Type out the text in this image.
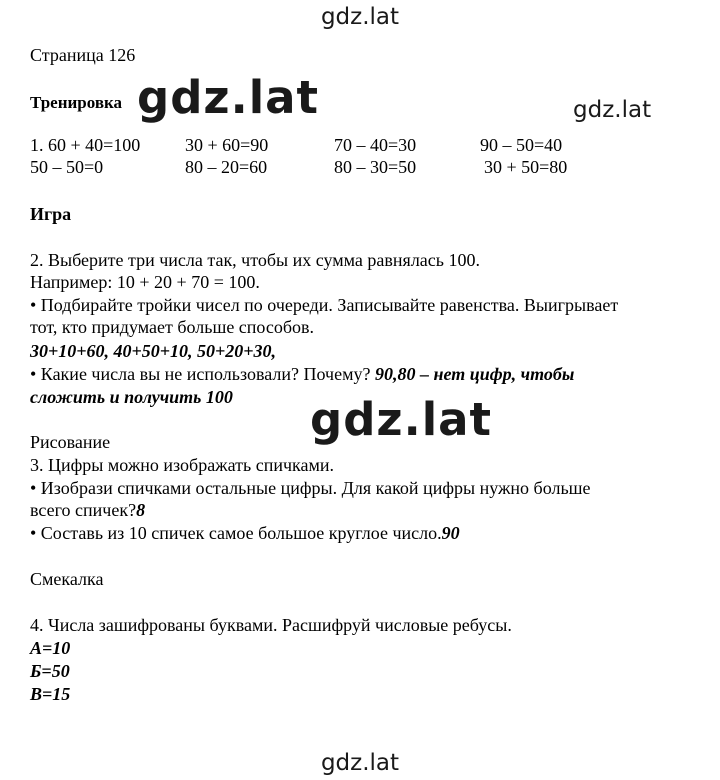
gdz.lat
gdz.lat
gdz.lat
gdz.lat
gdz.lat
Страница 126
Тренировка
1. 60 + 40=100 30 + 60=90	70 – 40=30	90 – 50=40
50 – 50=0	80 – 20=60	80 – 30=50	30 + 50=80
Игра
2. Выберите три числа так, чтобы их сумма равнялась 100.
Например: 10 + 20 + 70 = 100.
• Подбирайте тройки чисел по очереди. Записывайте равенства. Выигрывает
тот, кто придумает больше способов.
30+10+60, 40+50+10, 50+20+30,
• Какие числа вы не использовали? Почему? 90,80 – нет цифр, чтобы
сложить и получить 100
Рисование
3. Цифры можно изображать спичками.
• Изобрази спичками остальные цифры. Для какой цифры нужно больше
всего спичек?8
• Составь из 10 спичек самое большое круглое число.90
Смекалка
4. Числа зашифрованы буквами. Расшифруй числовые ребусы.
А=10
Б=50
В=15
